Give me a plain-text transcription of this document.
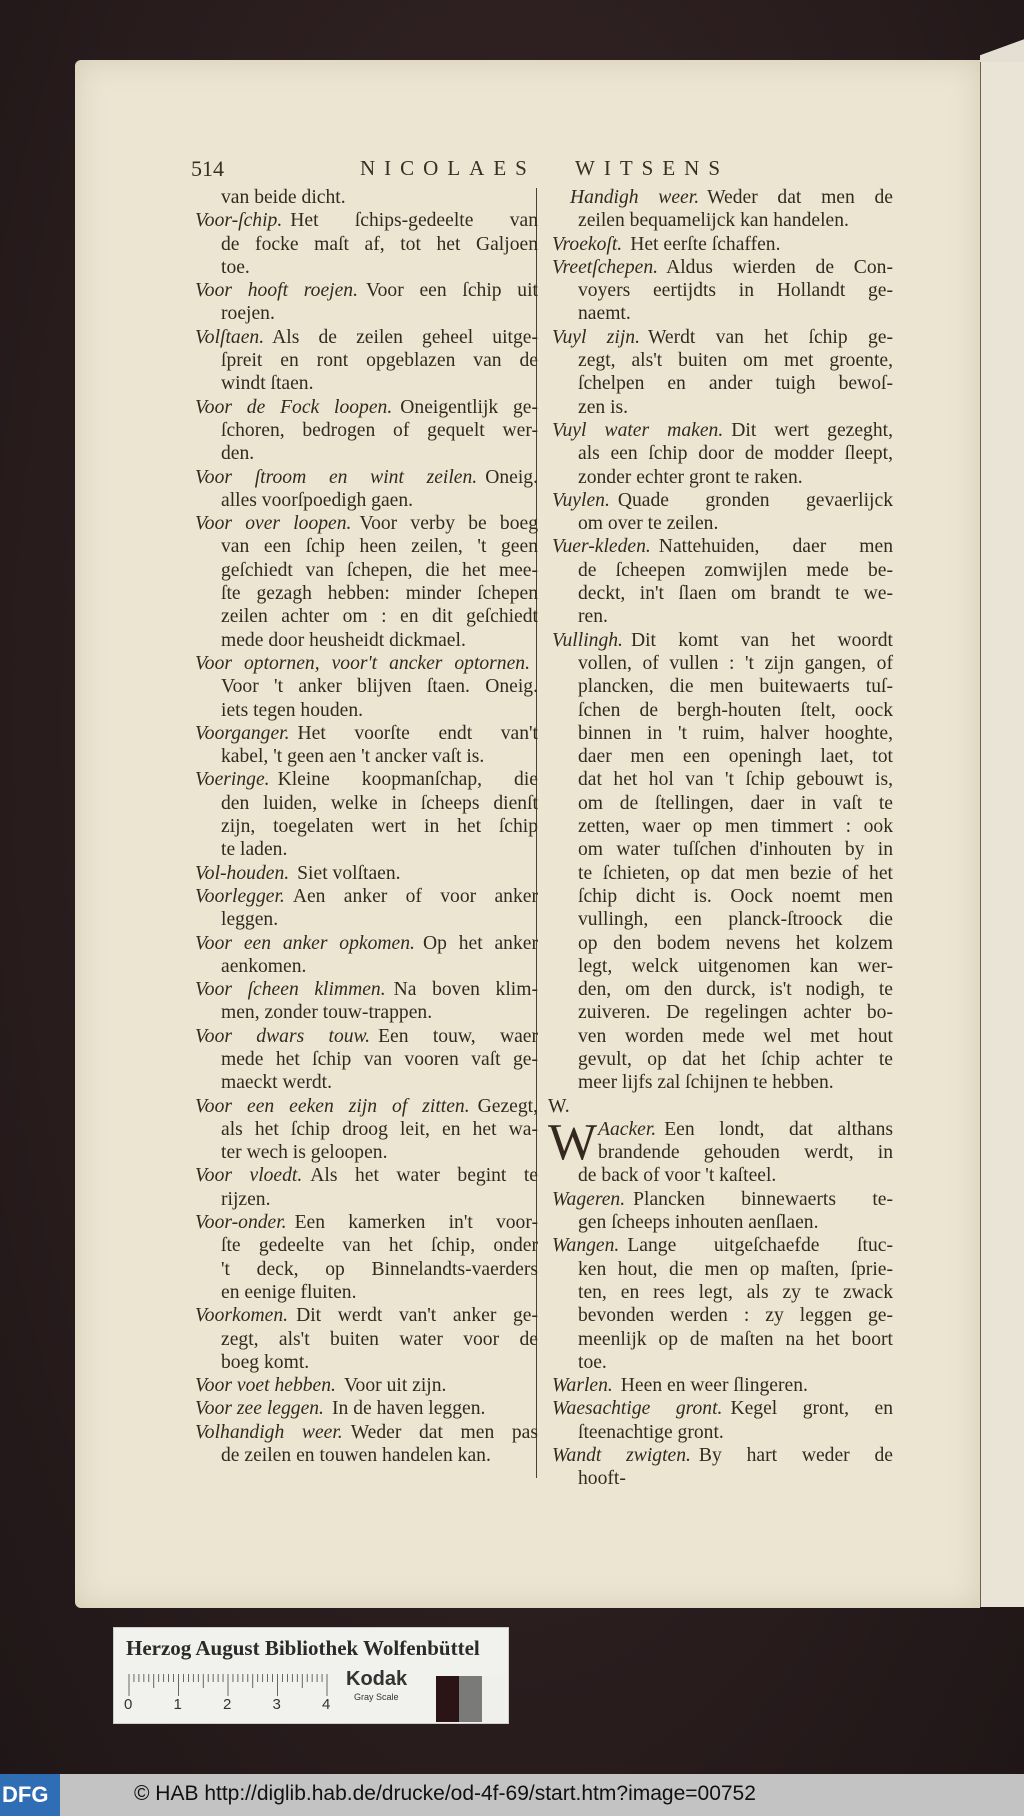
514	NICOLAES WITSENS
van beide dicht.
Voor-ſchip. Het ſchips-gedeelte van
de focke maſt af, tot het Galjoen
toe.
Voor hooft roejen. Voor een ſchip uit
roejen.
Volſtaen. Als de zeilen geheel uitge-
ſpreit en ront opgeblazen van de
windt ſtaen.
Voor de Fock loopen. Oneigentlijk ge-
ſchoren, bedrogen of gequelt wer-
den.
Voor ſtroom en wint zeilen. Oneig.
alles voorſpoedigh gaen.
Voor over loopen. Voor verby be boeg
van een ſchip heen zeilen, 't geen
geſchiedt van ſchepen, die het mee-
ſte gezagh hebben: minder ſchepen
zeilen achter om : en dit geſchiedt
mede door heusheidt dickmael.
Voor optornen, voor't ancker optornen.
Voor 't anker blijven ſtaen. Oneig.
iets tegen houden.
Voorganger. Het voorſte endt van't
kabel, 't geen aen 't ancker vaſt is.
Voeringe. Kleine koopmanſchap, die
den luiden, welke in ſcheeps dienſt
zijn, toegelaten wert in het ſchip
te laden.
Vol-houden. Siet volſtaen.
Voorlegger. Aen anker of voor anker
leggen.
Voor een anker opkomen. Op het anker
aenkomen.
Voor ſcheen klimmen. Na boven klim-
men, zonder touw-trappen.
Voor dwars touw. Een touw, waer
mede het ſchip van vooren vaſt ge-
maeckt werdt.
Voor een eeken zijn of zitten. Gezegt,
als het ſchip droog leit, en het wa-
ter wech is geloopen.
Voor vloedt. Als het water begint te
rijzen.
Voor-onder. Een kamerken in't voor-
ſte gedeelte van het ſchip, onder
't deck, op Binnelandts-vaerders
en eenige fluiten.
Voorkomen. Dit werdt van't anker ge-
zegt, als't buiten water voor de
boeg komt.
Voor voet hebben. Voor uit zijn.
Voor zee leggen. In de haven leggen.
Volhandigh weer. Weder dat men pas
de zeilen en touwen handelen kan.
Handigh weer. Weder dat men de
zeilen bequamelijck kan handelen.
Vroekoſt. Het eerſte ſchaffen.
Vreetſchepen. Aldus wierden de Con-
voyers eertijdts in Hollandt ge-
naemt.
Vuyl zijn. Werdt van het ſchip ge-
zegt, als't buiten om met groente,
ſchelpen en ander tuigh bewoſ-
zen is.
Vuyl water maken. Dit wert gezeght,
als een ſchip door de modder ſleept,
zonder echter gront te raken.
Vuylen. Quade gronden gevaerlijck
om over te zeilen.
Vuer-kleden. Nattehuiden, daer men
de ſcheepen zomwijlen mede be-
deckt, in't ſlaen om brandt te we-
ren.
Vullingh. Dit komt van het woordt
vollen, of vullen : 't zijn gangen, of
plancken, die men buitewaerts tuſ-
ſchen de bergh-houten ſtelt, oock
binnen in 't ruim, halver hooghte,
daer men een openingh laet, tot
dat het hol van 't ſchip gebouwt is,
om de ſtellingen, daer in vaſt te
zetten, waer op men timmert : ook
om water tuſſchen d'inhouten by in
te ſchieten, op dat men bezie of het
ſchip dicht is. Oock noemt men
vullingh, een planck-ſtroock die
op den bodem nevens het kolzem
legt, welck uitgenomen kan wer-
den, om den durck, is't nodigh, te
zuiveren. De regelingen achter bo-
ven worden mede wel met hout
gevult, op dat het ſchip achter te
meer lijfs zal ſchijnen te hebben.
W.
W Aacker. Een londt, dat althans
brandende gehouden werdt, in
de back of voor 't kaſteel.
Wageren. Plancken binnewaerts te-
gen ſcheeps inhouten aenſlaen.
Wangen. Lange uitgeſchaefde ſtuc-
ken hout, die men op maſten, ſprie-
ten, en rees legt, als zy te zwack
bevonden werden : zy leggen ge-
meenlijk op de maſten na het boort
toe.
Warlen. Heen en weer ſlingeren.
Waesachtige gront. Kegel gront, en
ſteenachtige gront.
Wandt zwigten. By hart weder de
hooft-
Herzog August Bibliothek Wolfenbüttel
0	1	2	3	4
Kodak
Gray Scale
DFG	© HAB http://diglib.hab.de/drucke/od-4f-69/start.htm?image=00752
